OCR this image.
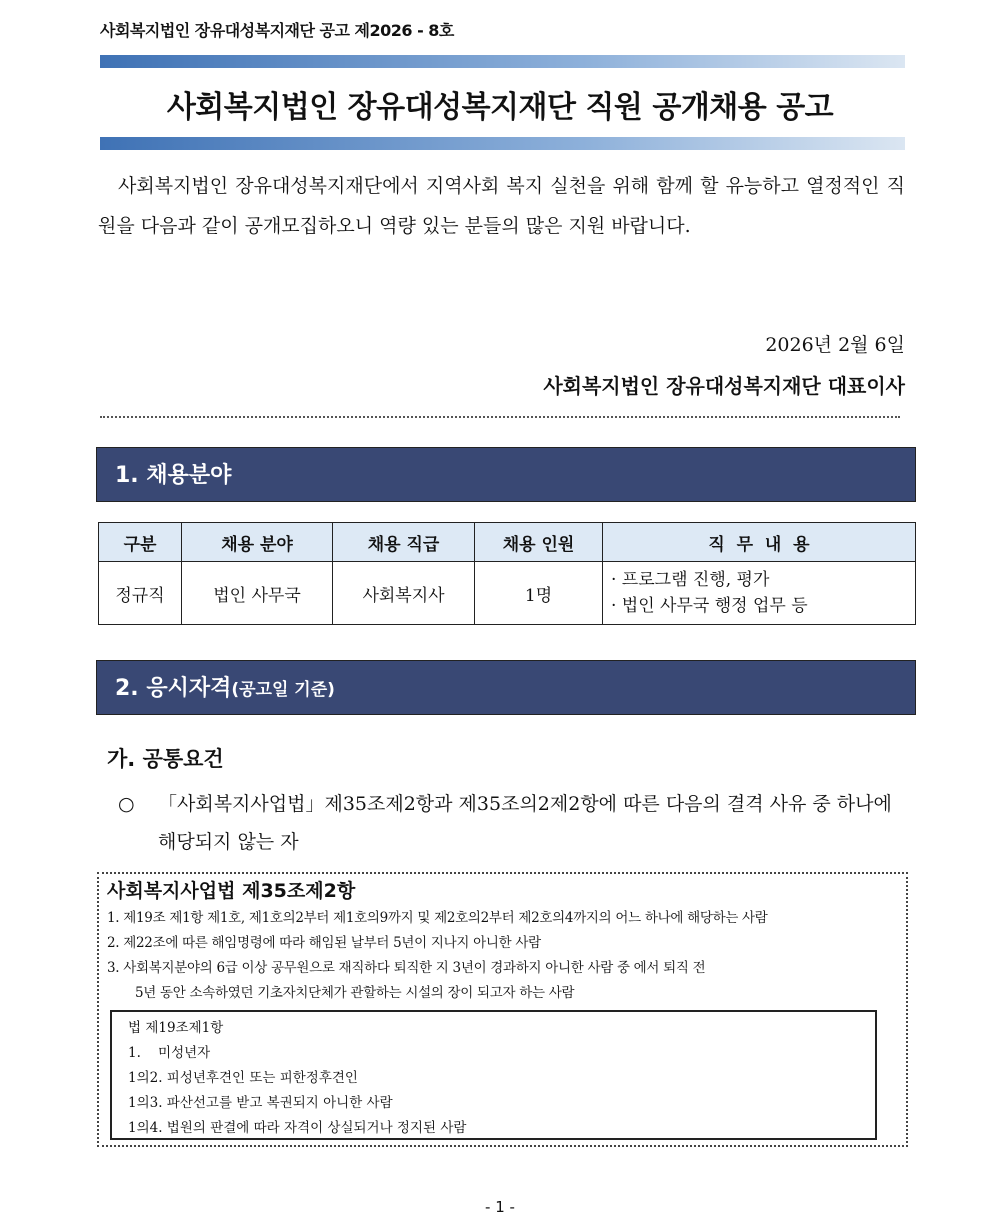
사회복지법인 장유대성복지재단 공고 제2026 - 8호
사회복지법인 장유대성복지재단 직원 공개채용 공고

사회복지법인 장유대성복지재단에서 지역사회 복지 실천을 위해 함께 할 유능하고 열정적인 직원을 다음과 같이 공개모집하오니 역량 있는 분들의 많은 지원 바랍니다.

2026년 2월 6일
사회복지법인 장유대성복지재단 대표이사
1. 채용분야
구분	채용 분야	채용 직급	채용 인원	직  무  내  용
정규직	법인 사무국	사회복지사	1명	· 프로그램 진행, 평가
· 법인 사무국 행정 업무 등
2. 응시자격(공고일 기준)
가. 공통요건
○ 「사회복지사업법」제35조제2항과 제35조의2제2항에 따른 다음의 결격 사유 중 하나에 해당되지 않는 자
사회복지사업법 제35조제2항
1. 제19조 제1항 제1호, 제1호의2부터 제1호의9까지 및 제2호의2부터 제2호의4까지의 어느 하나에 해당하는 사람
2. 제22조에 따른 해임명령에 따라 해임된 날부터 5년이 지나지 아니한 사람
3. 사회복지분야의 6급 이상 공무원으로 재직하다 퇴직한 지 3년이 경과하지 아니한 사람 중 에서 퇴직 전
5년 동안 소속하였던 기초자치단체가 관할하는 시설의 장이 되고자 하는 사람
법 제19조제1항
1.    미성년자
1의2. 피성년후견인 또는 피한정후견인
1의3. 파산선고를 받고 복권되지 아니한 사람
1의4. 법원의 판결에 따라 자격이 상실되거나 정지된 사람
- 1 -
